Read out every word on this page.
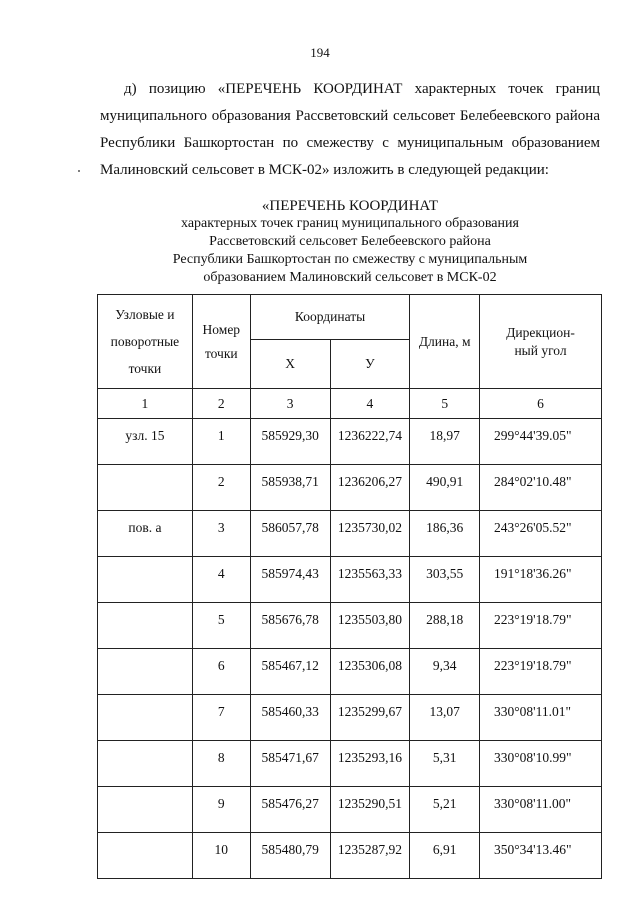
194
д) позицию «ПЕРЕЧЕНЬ КООРДИНАТ характерных точек границ
муниципального образования Рассветовский сельсовет Белебеевского района
Республики Башкортостан по смежеству с муниципальным образованием
Малиновский сельсовет в МСК-02» изложить в следующей редакции:
«ПЕРЕЧЕНЬ КООРДИНАТ
характерных точек границ муниципального образования
Рассветовский сельсовет Белебеевского района
Республики Башкортостан по смежеству с муниципальным
образованием Малиновский сельсовет в МСК-02
Узловые и поворотные точки	Номер точки	Координаты		Длина, м	Дирекцион-ный угол
		Х	У		
1	2	3	4	5	6
узл. 15	1	585929,30	1236222,74	18,97	299°44'39.05"
	2	585938,71	1236206,27	490,91	284°02'10.48"
пов. а	3	586057,78	1235730,02	186,36	243°26'05.52"
	4	585974,43	1235563,33	303,55	191°18'36.26"
	5	585676,78	1235503,80	288,18	223°19'18.79"
	6	585467,12	1235306,08	9,34	223°19'18.79"
	7	585460,33	1235299,67	13,07	330°08'11.01"
	8	585471,67	1235293,16	5,31	330°08'10.99"
	9	585476,27	1235290,51	5,21	330°08'11.00"
	10	585480,79	1235287,92	6,91	350°34'13.46"
